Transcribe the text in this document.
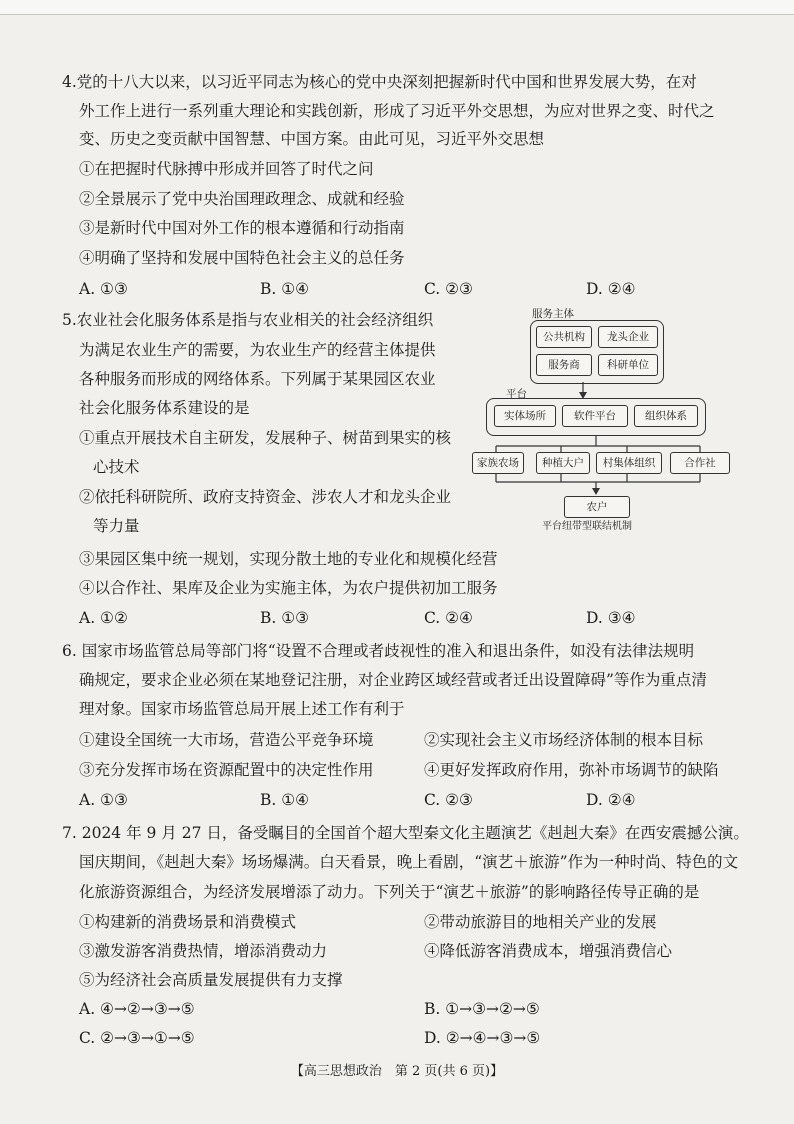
4.党的十八大以来，以习近平同志为核心的党中央深刻把握新时代中国和世界发展大势，在对
外工作上进行一系列重大理论和实践创新，形成了习近平外交思想，为应对世界之变、时代之
变、历史之变贡献中国智慧、中国方案。由此可见，习近平外交思想
①在把握时代脉搏中形成并回答了时代之问
②全景展示了党中央治国理政理念、成就和经验
③是新时代中国对外工作的根本遵循和行动指南
④明确了坚持和发展中国特色社会主义的总任务
A. ①③	B. ①④	C. ②③	D. ②④
5.农业社会化服务体系是指与农业相关的社会经济组织
为满足农业生产的需要，为农业生产的经营主体提供
各种服务而形成的网络体系。下列属于某果园区农业
社会化服务体系建设的是
①重点开展技术自主研发，发展种子、树苗到果实的核
心技术
②依托科研院所、政府支持资金、涉农人才和龙头企业
等力量
③果园区集中统一规划，实现分散土地的专业化和规模化经营
④以合作社、果库及企业为实施主体，为农户提供初加工服务
A. ①②	B. ①③	C. ②④	D. ③④
服务主体
公共机构	龙头企业
服务商	科研单位
平台
实体场所	软件平台	组织体系
家族农场	种植大户	村集体组织	合作社
农户
平台纽带型联结机制
6. 国家市场监管总局等部门将“设置不合理或者歧视性的准入和退出条件，如没有法律法规明
确规定，要求企业必须在某地登记注册，对企业跨区域经营或者迁出设置障碍”等作为重点清
理对象。国家市场监管总局开展上述工作有利于
①建设全国统一大市场，营造公平竞争环境	②实现社会主义市场经济体制的根本目标
③充分发挥市场在资源配置中的决定性作用	④更好发挥政府作用，弥补市场调节的缺陷
A. ①③	B. ①④	C. ②③	D. ②④
7. 2024 年 9 月 27 日，备受瞩目的全国首个超大型秦文化主题演艺《赳赳大秦》在西安震撼公演。
国庆期间，《赳赳大秦》场场爆满。白天看景，晚上看剧，“演艺＋旅游”作为一种时尚、特色的文
化旅游资源组合，为经济发展增添了动力。下列关于“演艺＋旅游”的影响路径传导正确的是
①构建新的消费场景和消费模式	②带动旅游目的地相关产业的发展
③激发游客消费热情，增添消费动力	④降低游客消费成本，增强消费信心
⑤为经济社会高质量发展提供有力支撑
A. ④→②→③→⑤	B. ①→③→②→⑤
C. ②→③→①→⑤	D. ②→④→③→⑤
【高三思想政治　第 2 页(共 6 页)】
